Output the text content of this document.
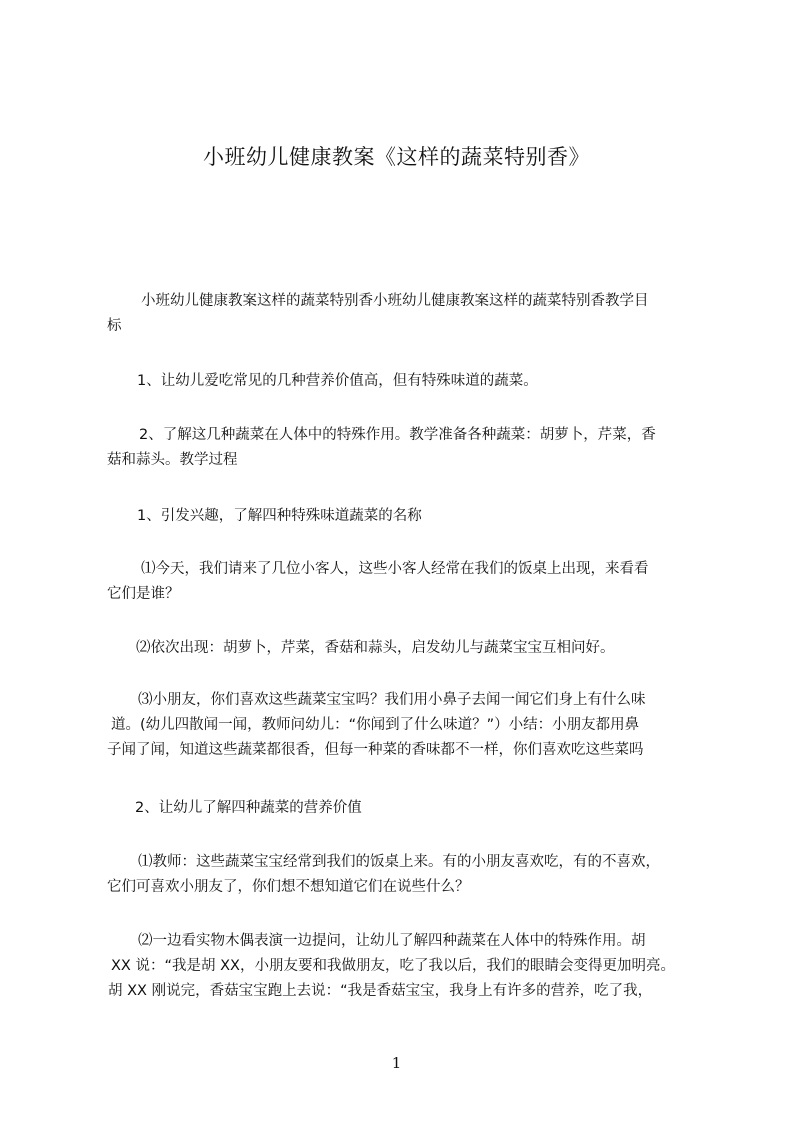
小班幼儿健康教案《这样的蔬菜特别香》
小班幼儿健康教案这样的蔬菜特别香小班幼儿健康教案这样的蔬菜特别香教学目
标
1、让幼儿爱吃常见的几种营养价值高，但有特殊味道的蔬菜。
2、了解这几种蔬菜在人体中的特殊作用。教学准备各种蔬菜：胡萝卜，芹菜，香
菇和蒜头。教学过程
1、引发兴趣，了解四种特殊味道蔬菜的名称
⑴今天，我们请来了几位小客人，这些小客人经常在我们的饭桌上出现，来看看
它们是谁？
⑵依次出现：胡萝卜，芹菜，香菇和蒜头，启发幼儿与蔬菜宝宝互相问好。
⑶小朋友，你们喜欢这些蔬菜宝宝吗？我们用小鼻子去闻一闻它们身上有什么味
道。(幼儿四散闻一闻，教师问幼儿：“你闻到了什么味道？”）小结：小朋友都用鼻
子闻了闻，知道这些蔬菜都很香，但每一种菜的香味都不一样，你们喜欢吃这些菜吗
2、让幼儿了解四种蔬菜的营养价值
⑴教师：这些蔬菜宝宝经常到我们的饭桌上来。有的小朋友喜欢吃，有的不喜欢，
它们可喜欢小朋友了，你们想不想知道它们在说些什么？
⑵一边看实物木偶表演一边提问，让幼儿了解四种蔬菜在人体中的特殊作用。胡
XX 说：“我是胡 XX，小朋友要和我做朋友，吃了我以后，我们的眼睛会变得更加明亮。
胡 XX 刚说完，香菇宝宝跑上去说：“我是香菇宝宝，我身上有许多的营养，吃了我，
1
